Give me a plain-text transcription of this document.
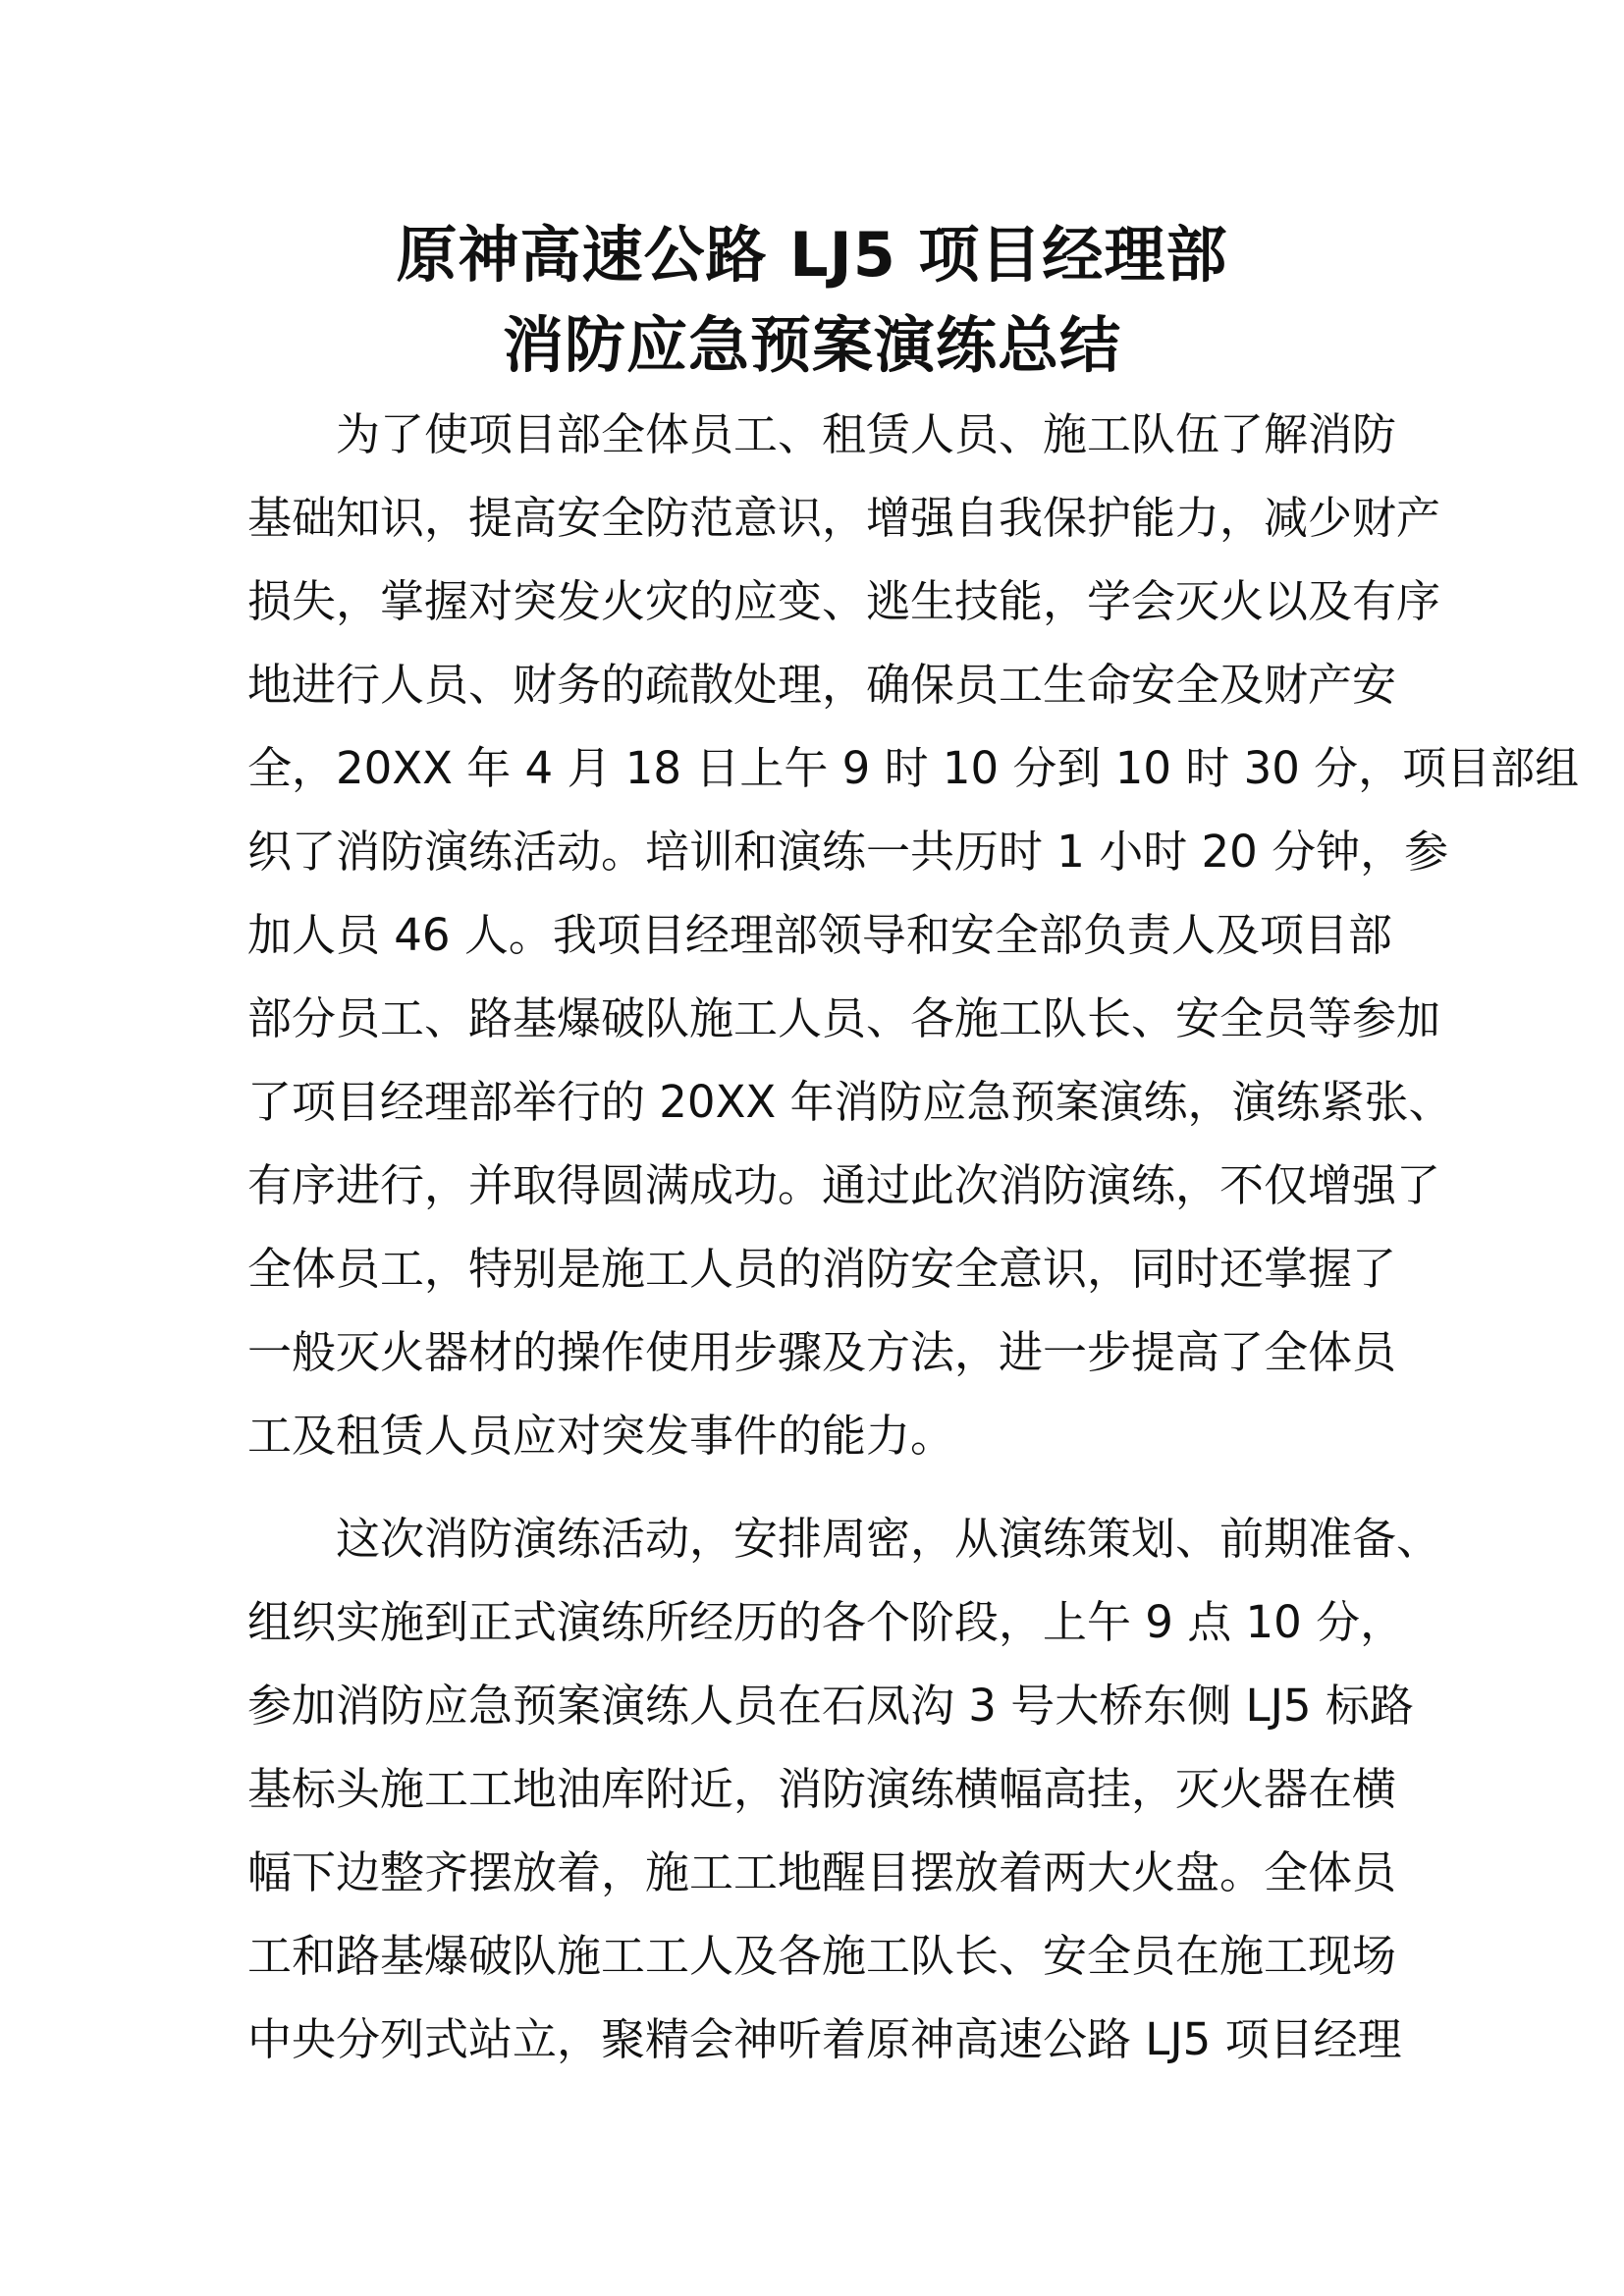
原神高速公路 LJ5 项目经理部
消防应急预案演练总结
为了使项目部全体员工、租赁人员、施工队伍了解消防
基础知识，提高安全防范意识，增强自我保护能力，减少财产
损失，掌握对突发火灾的应变、逃生技能，学会灭火以及有序
地进行人员、财务的疏散处理，确保员工生命安全及财产安
全，20XX 年 4 月 18 日上午 9 时 10 分到 10 时 30 分，项目部组
织了消防演练活动。培训和演练一共历时 1 小时 20 分钟，参
加人员 46 人。我项目经理部领导和安全部负责人及项目部
部分员工、路基爆破队施工人员、各施工队长、安全员等参加
了项目经理部举行的 20XX 年消防应急预案演练，演练紧张、
有序进行，并取得圆满成功。通过此次消防演练，不仅增强了
全体员工，特别是施工人员的消防安全意识，同时还掌握了
一般灭火器材的操作使用步骤及方法，进一步提高了全体员
工及租赁人员应对突发事件的能力。
这次消防演练活动，安排周密，从演练策划、前期准备、
组织实施到正式演练所经历的各个阶段，上午 9 点 10 分，
参加消防应急预案演练人员在石凤沟 3 号大桥东侧 LJ5 标路
基标头施工工地油库附近，消防演练横幅高挂，灭火器在横
幅下边整齐摆放着，施工工地醒目摆放着两大火盘。全体员
工和路基爆破队施工工人及各施工队长、安全员在施工现场
中央分列式站立，聚精会神听着原神高速公路 LJ5 项目经理
